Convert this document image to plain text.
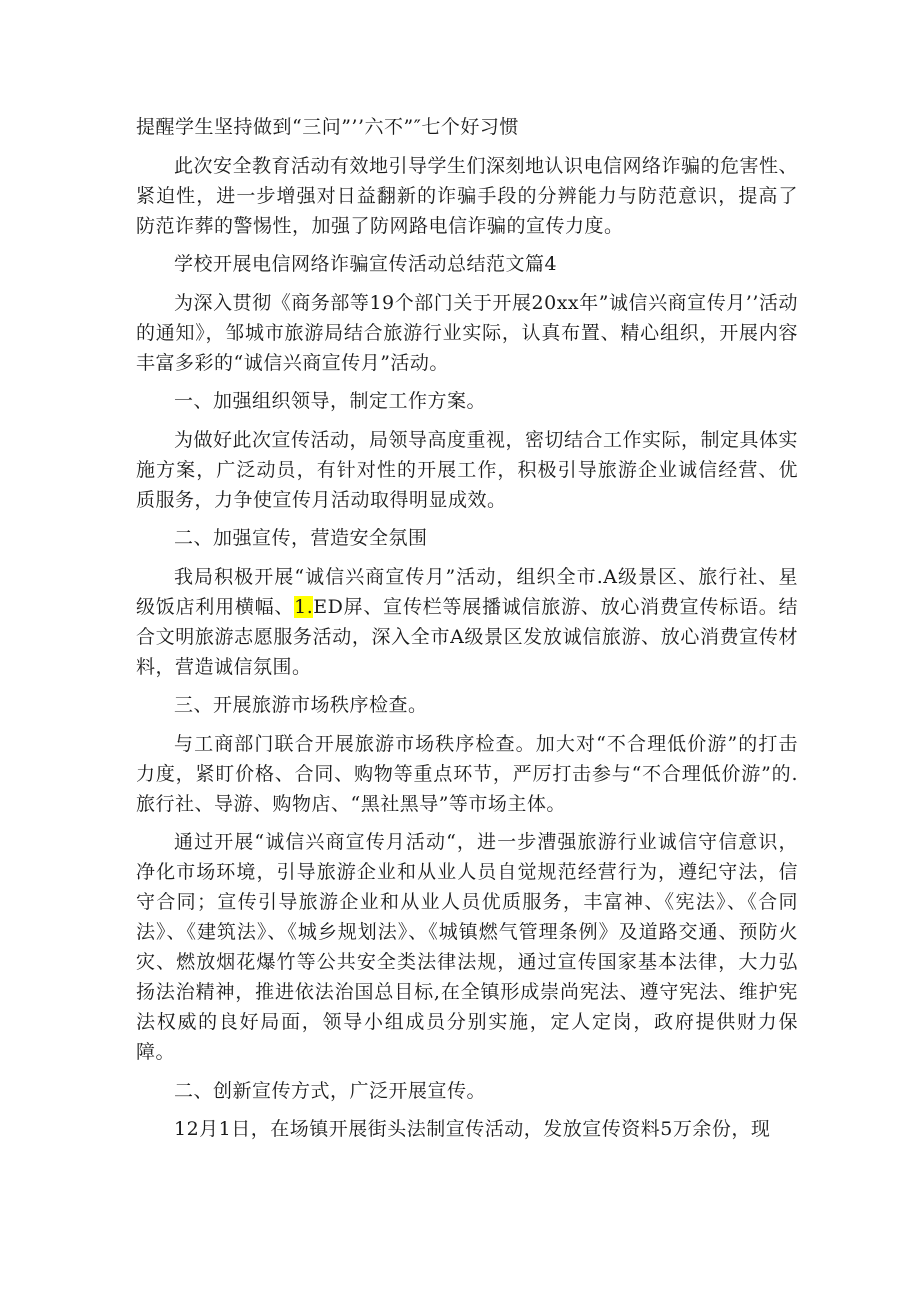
提醒学生坚持做到“三问”’’六不”″七个好习惯

此次安全教育活动有效地引导学生们深刻地认识电信网络诈骗的危害性、紧迫性，进一步增强对日益翻新的诈骗手段的分辨能力与防范意识，提高了防范诈葬的警惕性，加强了防网路电信诈骗的宣传力度。

学校开展电信网络诈骗宣传活动总结范文篇4

为深入贯彻《商务部等19个部门关于开展20xx年”诚信兴商宣传月’’活动的通知》，邹城市旅游局结合旅游行业实际，认真布置、精心组织，开展内容丰富多彩的“诚信兴商宣传月”活动。

一、加强组织领导，制定工作方案。

为做好此次宣传活动，局领导高度重视，密切结合工作实际，制定具体实施方案，广泛动员，有针对性的开展工作，积极引导旅游企业诚信经营、优质服务，力争使宣传月活动取得明显成效。

二、加强宣传，营造安全氛围

我局积极开展“诚信兴商宣传月”活动，组织全市.A级景区、旅行社、星级饭店利用横幅、1.ED屏、宣传栏等展播诚信旅游、放心消费宣传标语。结合文明旅游志愿服务活动，深入全市A级景区发放诚信旅游、放心消费宣传材料，营造诚信氛围。

三、开展旅游市场秩序检查。

与工商部门联合开展旅游市场秩序检查。加大对“不合理低价游”的打击力度，紧盯价格、合同、购物等重点环节，严厉打击参与“不合理低价游”的.旅行社、导游、购物店、“黑社黑导”等市场主体。

通过开展“诚信兴商宣传月活动“，进一步漕强旅游行业诚信守信意识，净化市场环境，引导旅游企业和从业人员自觉规范经营行为，遵纪守法，信守合同；宣传引导旅游企业和从业人员优质服务，丰富神、《宪法》、《合同法》、《建筑法》、《城乡规划法》、《城镇燃气管理条例》及道路交通、预防火灾、燃放烟花爆竹等公共安全类法律法规，通过宣传国家基本法律，大力弘扬法治精神，推进依法治国总目标,在全镇形成崇尚宪法、遵守宪法、维护宪法权威的良好局面，领导小组成员分别实施，定人定岗，政府提供财力保障。

二、创新宣传方式，广泛开展宣传。

12月1日，在场镇开展街头法制宣传活动，发放宣传资料5万余份，现
